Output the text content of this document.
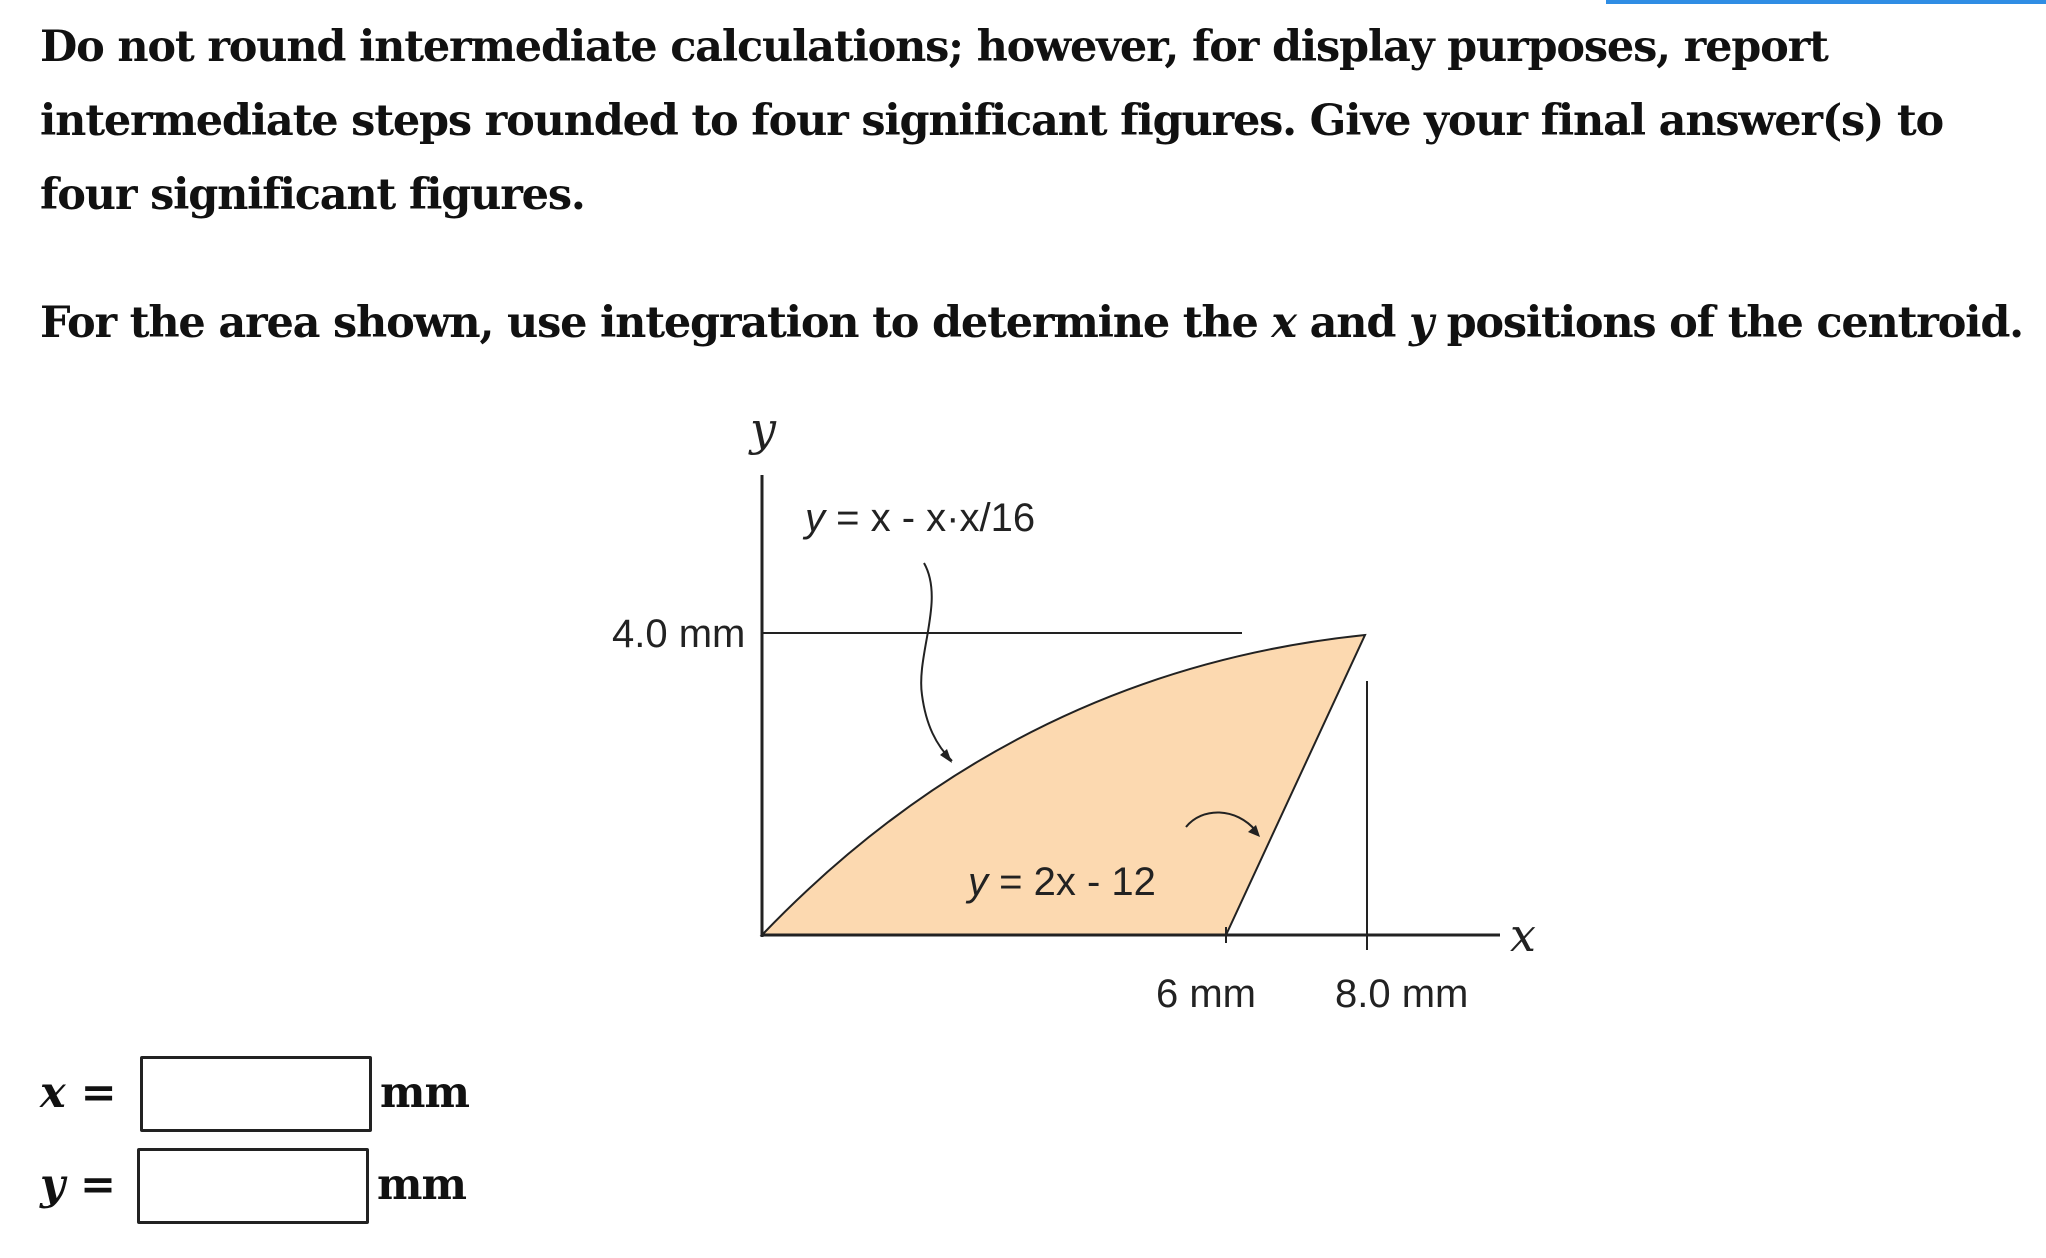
Do not round intermediate calculations; however, for display purposes, report intermediate steps rounded to four significant figures. Give your final answer(s) to four significant figures.

For the area shown, use integration to determine the x and y positions of the centroid.

y
x
4.0 mm
6 mm 8.0 mm
y = x - x·x/16
y = 2x - 12
x =	mm
y =	mm
